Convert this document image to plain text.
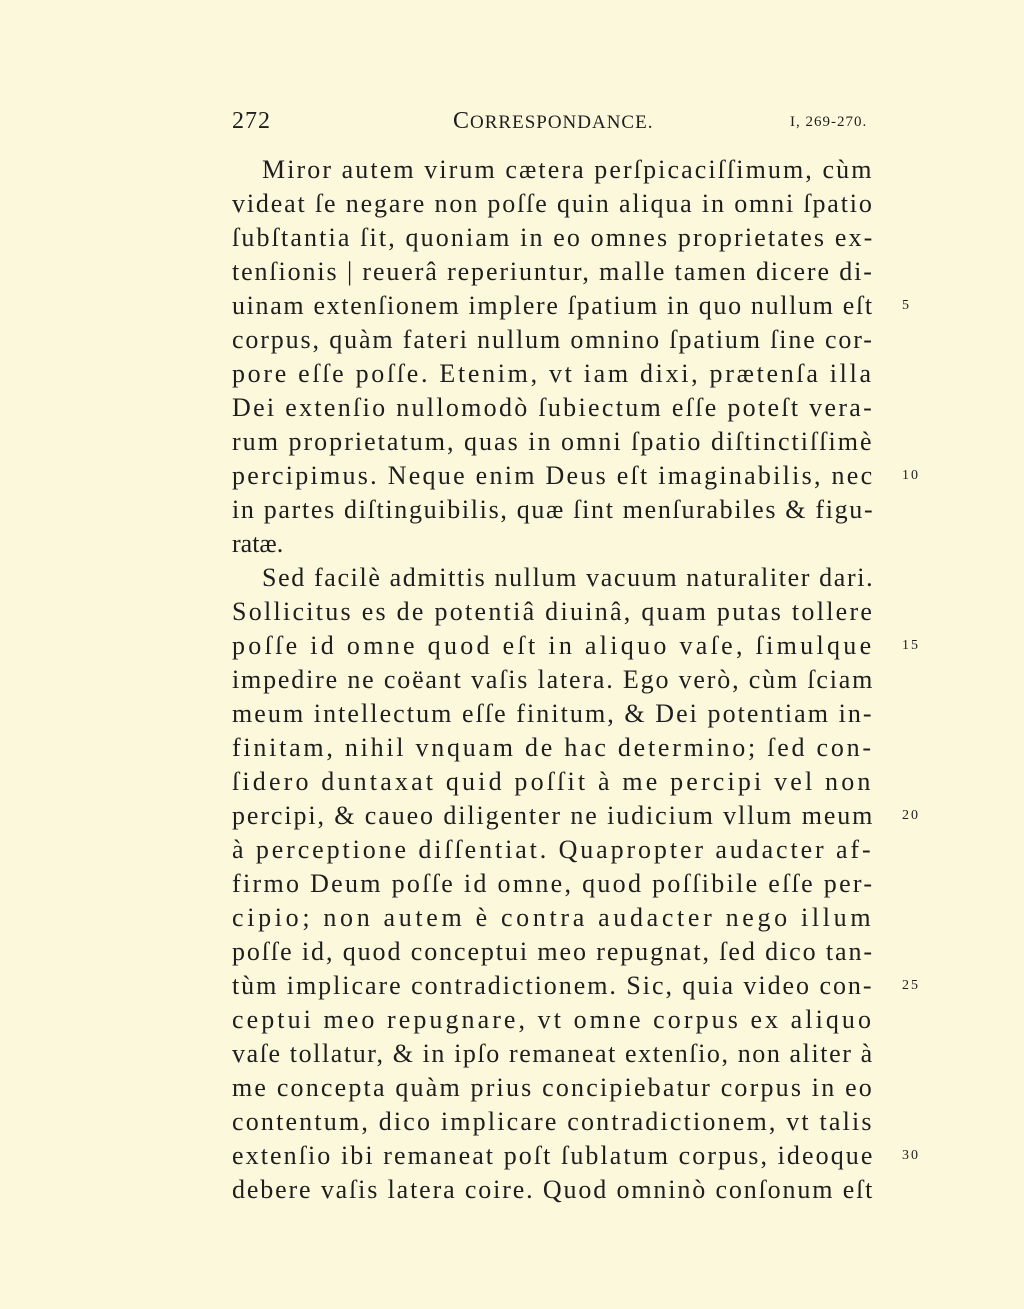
272	CORRESPONDANCE.	I, 269-270.
Miror autem virum cætera perſpicaciſſimum, cùm
videat ſe negare non poſſe quin aliqua in omni ſpatio
ſubſtantia ſit, quoniam in eo omnes proprietates ex-
tenſionis | reuerâ reperiuntur, malle tamen dicere di-
uinam extenſionem implere ſpatium in quo nullum eſt 5
corpus, quàm fateri nullum omnino ſpatium ſine cor-
pore eſſe poſſe. Etenim, vt iam dixi, prætenſa illa
Dei extenſio nullomodò ſubiectum eſſe poteſt vera-
rum proprietatum, quas in omni ſpatio diſtinctiſſimè
percipimus. Neque enim Deus eſt imaginabilis, nec 10
in partes diſtinguibilis, quæ ſint menſurabiles & figu-
ratæ.
Sed facilè admittis nullum vacuum naturaliter dari.
Sollicitus es de potentiâ diuinâ, quam putas tollere
poſſe id omne quod eſt in aliquo vaſe, ſimulque 15
impedire ne coëant vaſis latera. Ego verò, cùm ſciam
meum intellectum eſſe finitum, & Dei potentiam in-
finitam, nihil vnquam de hac determino; ſed con-
ſidero duntaxat quid poſſit à me percipi vel non
percipi, & caueo diligenter ne iudicium vllum meum 20
à perceptione diſſentiat. Quapropter audacter af-
firmo Deum poſſe id omne, quod poſſibile eſſe per-
cipio; non autem è contra audacter nego illum
poſſe id, quod conceptui meo repugnat, ſed dico tan-
tùm implicare contradictionem. Sic, quia video con- 25
ceptui meo repugnare, vt omne corpus ex aliquo
vaſe tollatur, & in ipſo remaneat extenſio, non aliter à
me concepta quàm prius concipiebatur corpus in eo
contentum, dico implicare contradictionem, vt talis
extenſio ibi remaneat poſt ſublatum corpus, ideoque 30
debere vaſis latera coire. Quod omninò conſonum eſt
